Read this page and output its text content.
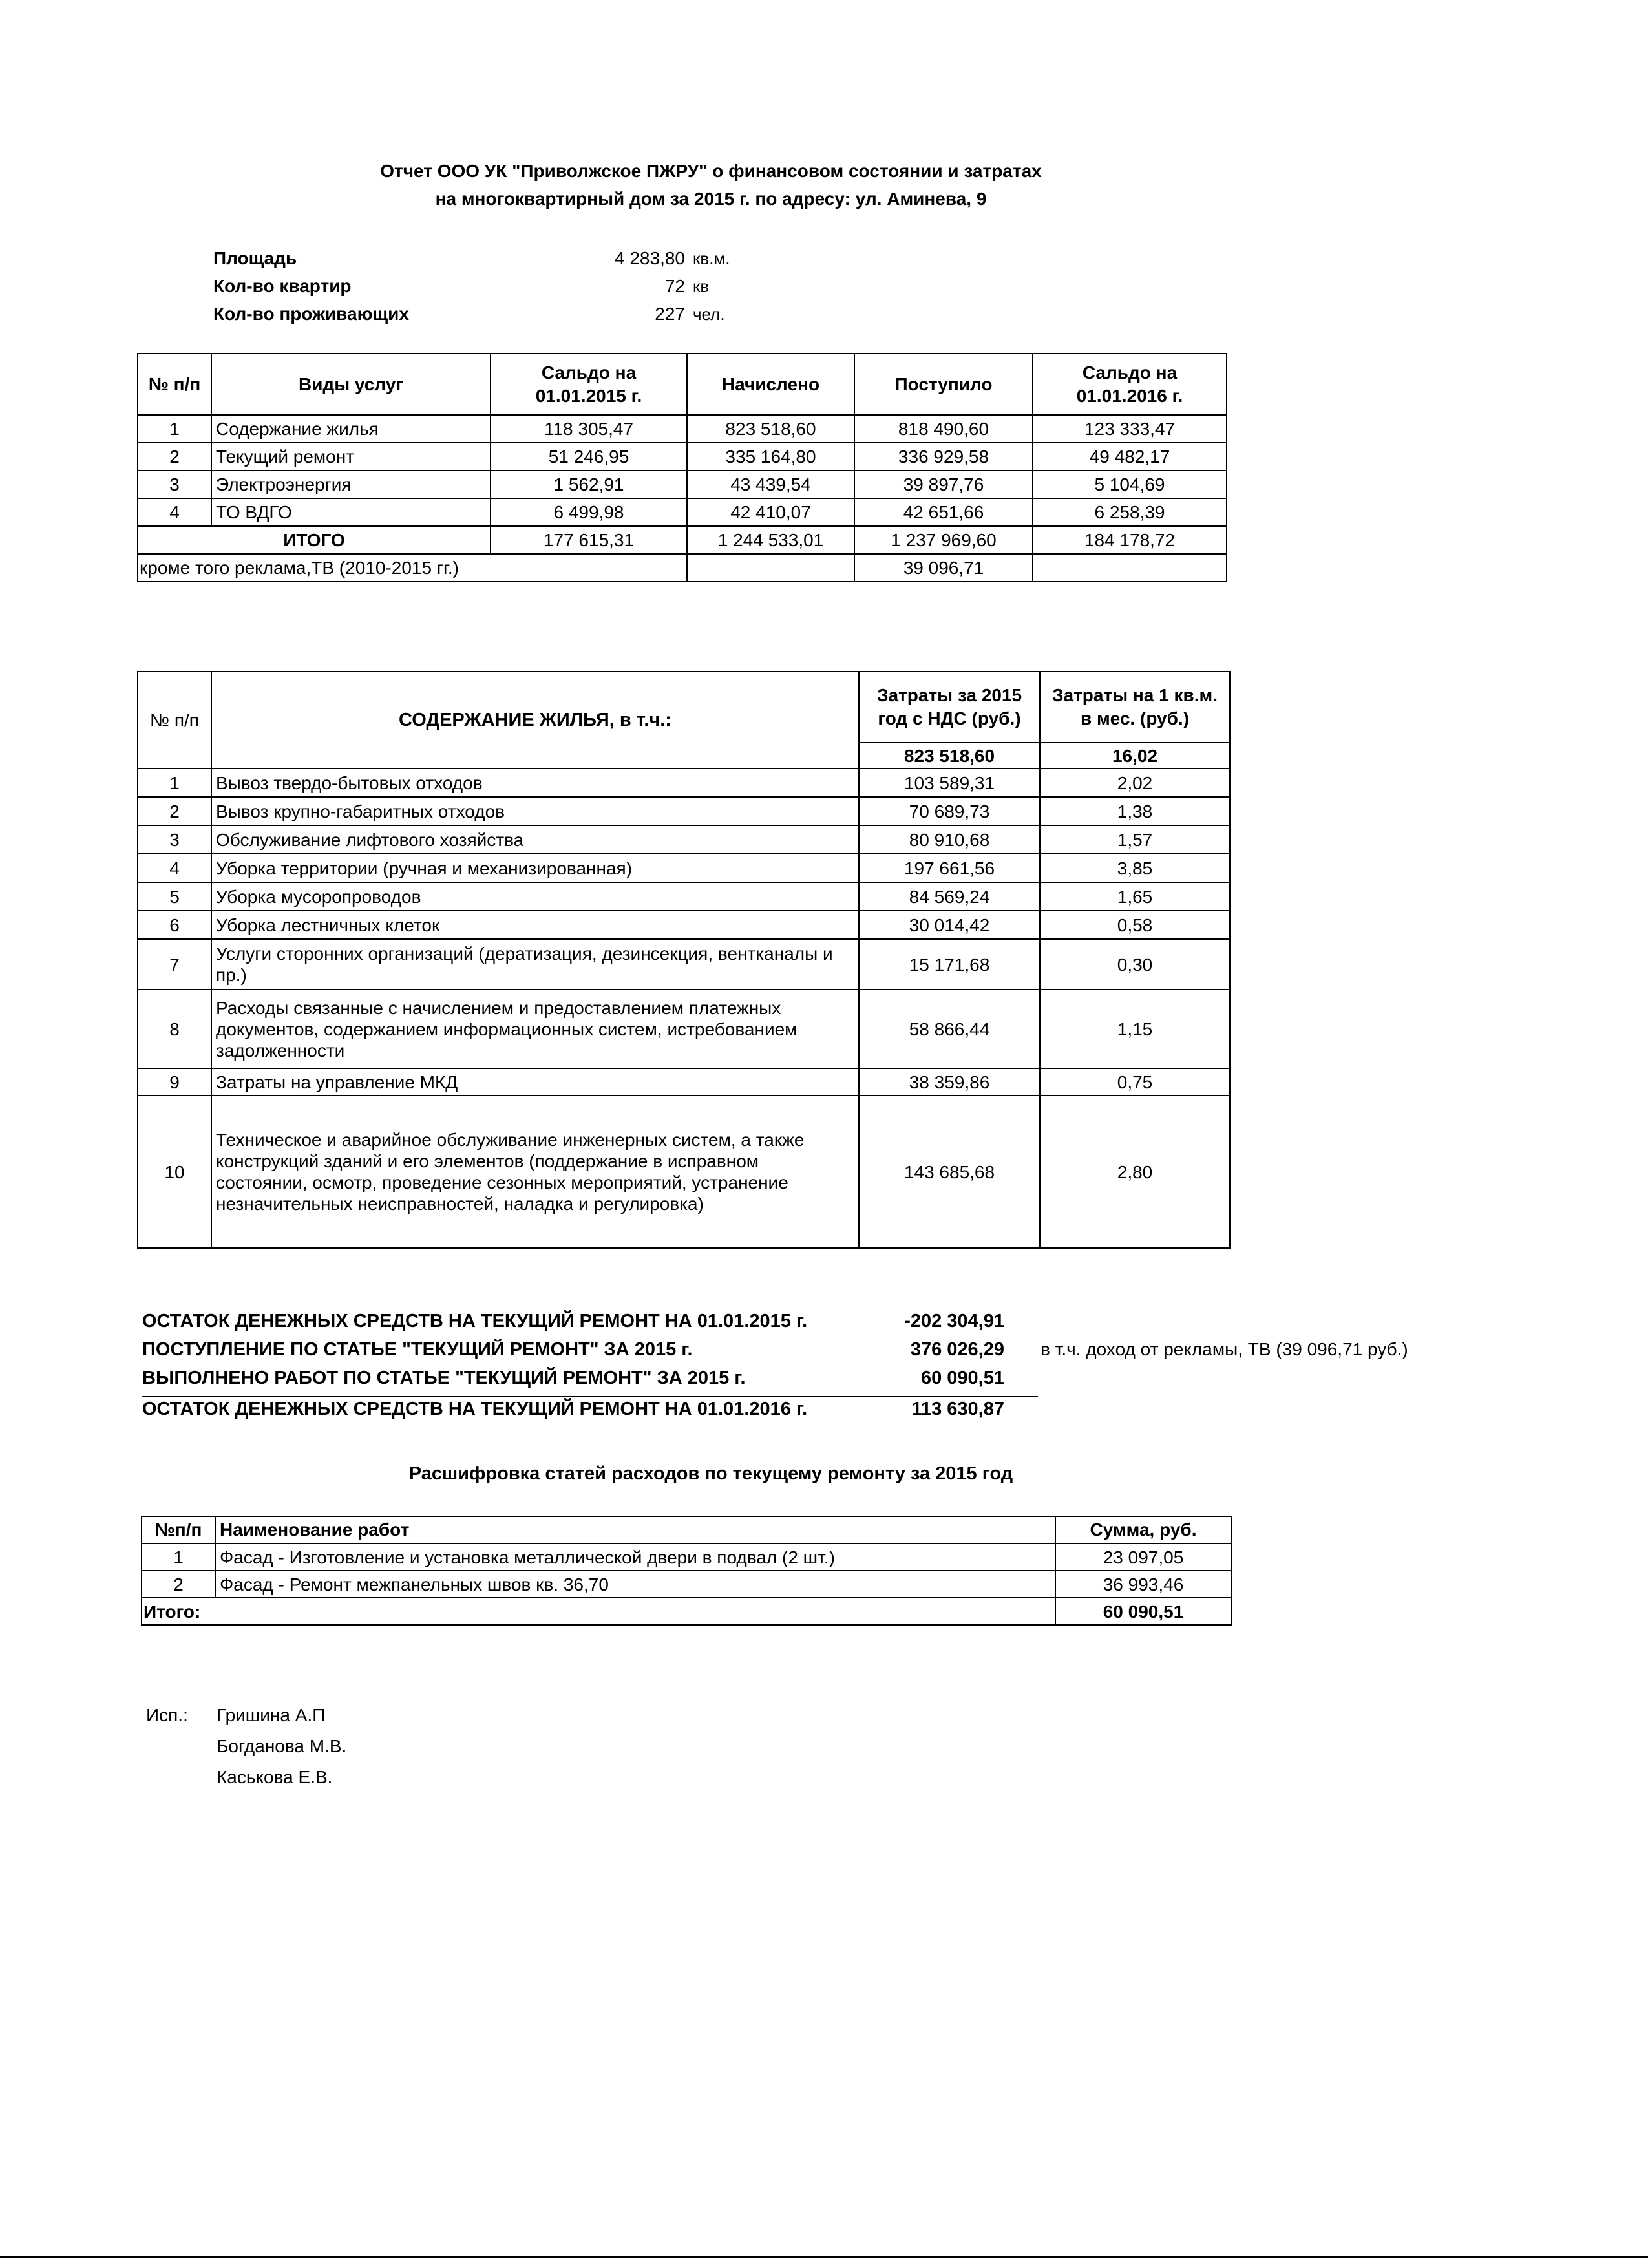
Отчет ООО УК "Приволжское ПЖРУ" о финансовом состоянии и затратах
на многоквартирный дом за 2015 г. по адресу: ул. Аминева, 9
Площадь	4 283,80 кв.м.
Кол-во квартир	72 кв
Кол-во проживающих	227 чел.
№ п/п	Виды услуг	Сальдо на 01.01.2015 г.	Начислено	Поступило	Сальдо на 01.01.2016 г.
1	Содержание жилья	118 305,47	823 518,60	818 490,60	123 333,47
2	Текущий ремонт	51 246,95	335 164,80	336 929,58	49 482,17
3	Электроэнергия	1 562,91	43 439,54	39 897,76	5 104,69
4	ТО ВДГО	6 499,98	42 410,07	42 651,66	6 258,39
ИТОГО		177 615,31	1 244 533,01	1 237 969,60	184 178,72
кроме того реклама,ТВ (2010-2015 гг.)				39 096,71	
№ п/п	СОДЕРЖАНИЕ ЖИЛЬЯ, в т.ч.:	Затраты за 2015 год с НДС (руб.)	Затраты на 1 кв.м. в мес. (руб.)
		823 518,60	16,02
1	Вывоз твердо-бытовых отходов	103 589,31	2,02
2	Вывоз крупно-габаритных отходов	70 689,73	1,38
3	Обслуживание лифтового хозяйства	80 910,68	1,57
4	Уборка территории (ручная и механизированная)	197 661,56	3,85
5	Уборка мусоропроводов	84 569,24	1,65
6	Уборка лестничных клеток	30 014,42	0,58
7	Услуги сторонних организаций (дератизация, дезинсекция, вентканалы и пр.)	15 171,68	0,30
8	Расходы связанные с начислением и предоставлением платежных документов, содержанием информационных систем, истребованием задолженности	58 866,44	1,15
9	Затраты на управление МКД	38 359,86	0,75
10	Техническое и аварийное обслуживание инженерных систем, а также конструкций зданий и его элементов (поддержание в исправном состоянии, осмотр, проведение сезонных мероприятий, устранение незначительных неисправностей, наладка и регулировка)	143 685,68	2,80
ОСТАТОК ДЕНЕЖНЫХ СРЕДСТВ НА ТЕКУЩИЙ РЕМОНТ НА 01.01.2015 г.	-202 304,91
ПОСТУПЛЕНИЕ ПО СТАТЬЕ "ТЕКУЩИЙ РЕМОНТ" ЗА 2015 г.	376 026,29 в т.ч. доход от рекламы, ТВ (39 096,71 руб.)
ВЫПОЛНЕНО РАБОТ ПО СТАТЬЕ "ТЕКУЩИЙ РЕМОНТ" ЗА 2015 г.	60 090,51
ОСТАТОК ДЕНЕЖНЫХ СРЕДСТВ НА ТЕКУЩИЙ РЕМОНТ НА 01.01.2016 г.	113 630,87
Расшифровка статей расходов по текущему ремонту за 2015 год
№п/п	Наименование работ	Сумма, руб.
1	Фасад - Изготовление и установка металлической двери в подвал (2 шт.)	23 097,05
2	Фасад - Ремонт межпанельных швов кв. 36,70	36 993,46
Итого:		60 090,51
Исп.: Гришина А.П
Богданова М.В.
Каськова Е.В.
